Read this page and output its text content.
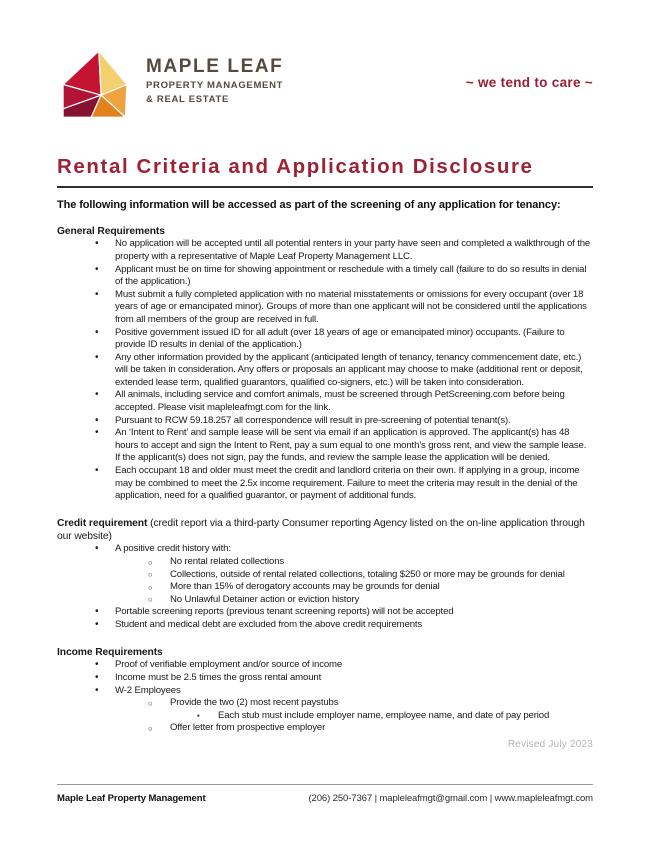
MAPLE LEAF
PROPERTY MANAGEMENT
& REAL ESTATE
~ we tend to care ~
Rental Criteria and Application Disclosure

The following information will be accessed as part of the screening of any application for tenancy:

General Requirements
•	No application will be accepted until all potential renters in your party have seen and completed a walkthrough of the property with a representative of Maple Leaf Property Management LLC.
•	Applicant must be on time for showing appointment or reschedule with a timely call (failure to do so results in denial of the application.)
•	Must submit a fully completed application with no material misstatements or omissions for every occupant (over 18 years of age or emancipated minor). Groups of more than one applicant will not be considered until the applications from all members of the group are received in full.
•	Positive government issued ID for all adult (over 18 years of age or emancipated minor) occupants. (Failure to provide ID results in denial of the application.)
•	Any other information provided by the applicant (anticipated length of tenancy, tenancy commencement date, etc.) will be taken in consideration. Any offers or proposals an applicant may choose to make (additional rent or deposit, extended lease term, qualified guarantors, qualified co-signers, etc.) will be taken into consideration.
•	All animals, including service and comfort animals, must be screened through PetScreening.com before being accepted. Please visit mapleleafmgt.com for the link.
•	Pursuant to RCW 59.18.257 all correspondence will result in pre-screening of potential tenant(s).
•	An ‘Intent to Rent’ and sample lease will be sent via email if an application is approved. The applicant(s) has 48 hours to accept and sign the Intent to Rent, pay a sum equal to one month’s gross rent, and view the sample lease. If the applicant(s) does not sign, pay the funds, and review the sample lease the application will be denied.
•	Each occupant 18 and older must meet the credit and landlord criteria on their own. If applying in a group, income may be combined to meet the 2.5x income requirement. Failure to meet the criteria may result in the denial of the application, need for a qualified guarantor, or payment of additional funds.
Credit requirement (credit report via a third-party Consumer reporting Agency listed on the on-line application through our website)
•	A positive credit history with:
○	No rental related collections
○	Collections, outside of rental related collections, totaling $250 or more may be grounds for denial
○	More than 15% of derogatory accounts may be grounds for denial
○	No Unlawful Detainer action or eviction history
•	Portable screening reports (previous tenant screening reports) will not be accepted
•	Student and medical debt are excluded from the above credit requirements
Income Requirements
•	Proof of verifiable employment and/or source of income
•	Income must be 2.5 times the gross rental amount
•	W-2 Employees
○	Provide the two (2) most recent paystubs
▪	Each stub must include employer name, employee name, and date of pay period
○	Offer letter from prospective employer
Revised July 2023
Maple Leaf Property Management	(206) 250-7367 | mapleleafmgt@gmail.com | www.mapleleafmgt.com
